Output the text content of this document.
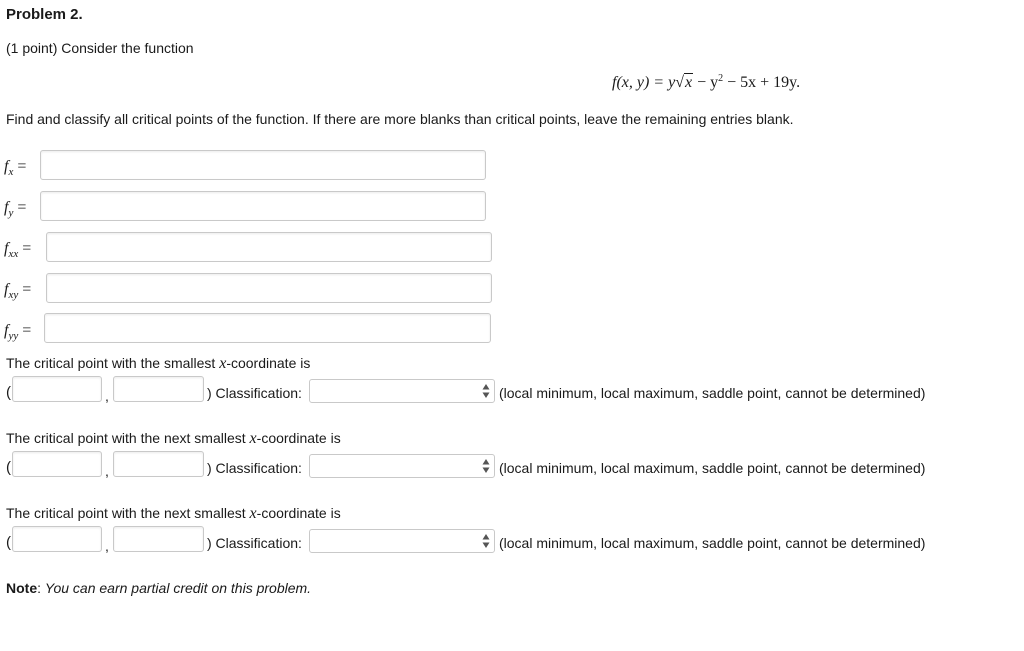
Problem 2.
(1 point) Consider the function
f(x, $y) = y√x - y^2 - 5x + 19y$.
Find and classify all critical points of the function. If there are more blanks than critical points, leave the remaining entries blank.
$f_x$ =
$f_y$ =
$f_{xx}$ =
$f_{xy}$ =
$f_{yy}$ =
The critical point with the smallest x-coordinate is
(	,	) Classification:	(local minimum, local maximum, saddle point, cannot be determined)
The critical point with the next smallest x-coordinate is
(	,	) Classification:	(local minimum, local maximum, saddle point, cannot be determined)
The critical point with the next smallest x-coordinate is
(	,	) Classification:	(local minimum, local maximum, saddle point, cannot be determined)
Note: You can earn partial credit on this problem.
